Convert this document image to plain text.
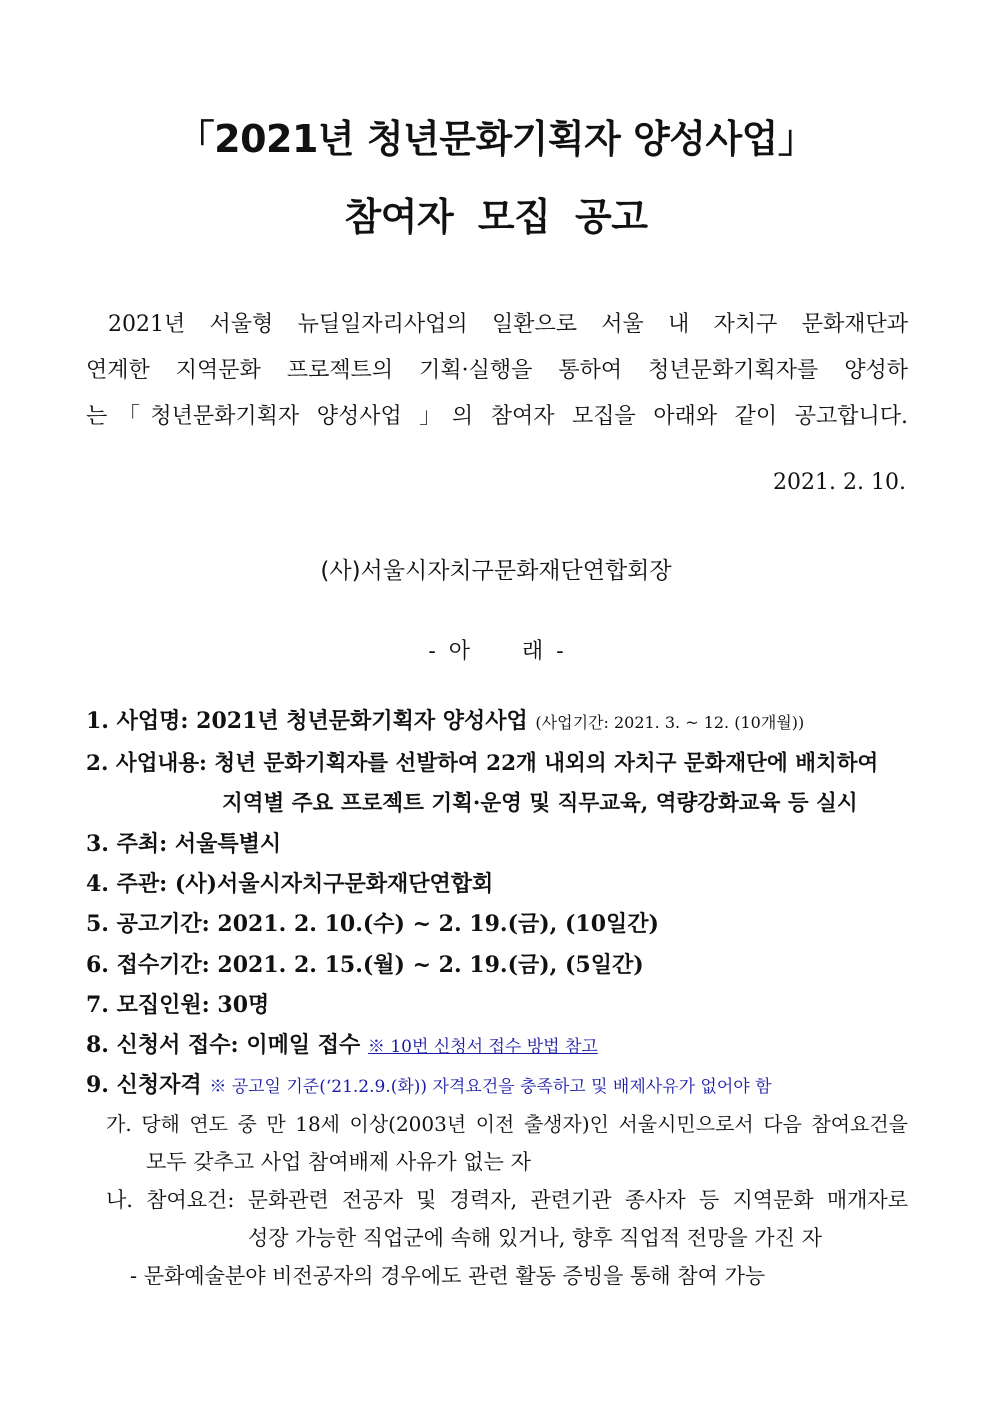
「2021년 청년문화기획자 양성사업」
참여자 모집 공고

2021년 서울형 뉴딜일자리사업의 일환으로 서울 내 자치구 문화재단과

연계한 지역문화 프로젝트의 기획·실행을 통하여 청년문화기획자를 양성하

는「청년문화기획자 양성사업 」의 참여자 모집을 아래와 같이 공고합니다.

2021. 2. 10.
(사)서울시자치구문화재단연합회장
- 아    래 -
1. 사업명: 2021년 청년문화기획자 양성사업 (사업기간: 2021. 3. ~ 12. (10개월))
2. 사업내용: 청년 문화기획자를 선발하여 22개 내외의 자치구 문화재단에 배치하여
지역별 주요 프로젝트 기획·운영 및 직무교육, 역량강화교육 등 실시
3. 주최: 서울특별시
4. 주관: (사)서울시자치구문화재단연합회
5. 공고기간: 2021. 2. 10.(수) ~ 2. 19.(금), (10일간)
6. 접수기간: 2021. 2. 15.(월) ~ 2. 19.(금), (5일간)
7. 모집인원: 30명
8. 신청서 접수: 이메일 접수 ※ 10번 신청서 접수 방법 참고
9. 신청자격 ※ 공고일 기준(‘21.2.9.(화)) 자격요건을 충족하고 및 배제사유가 없어야 함
가. 당해 연도 중 만 18세 이상(2003년 이전 출생자)인 서울시민으로서 다음 참여요건을
모두 갖추고 사업 참여배제 사유가 없는 자
나. 참여요건: 문화관련 전공자 및 경력자, 관련기관 종사자 등 지역문화 매개자로
성장 가능한 직업군에 속해 있거나, 향후 직업적 전망을 가진 자
- 문화예술분야 비전공자의 경우에도 관련 활동 증빙을 통해 참여 가능
